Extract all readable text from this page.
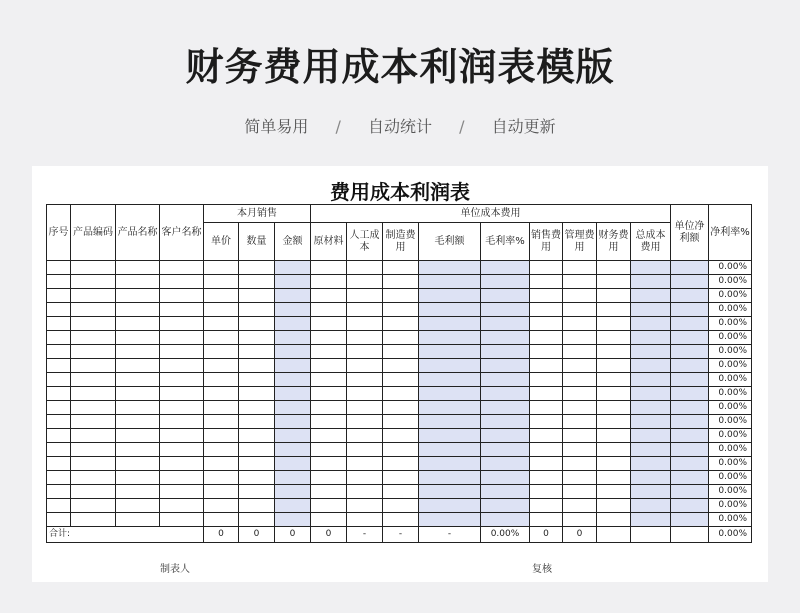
财务费用成本利润表模版
简单易用 / 自动统计 / 自动更新
费用成本利润表
序号	产品编码	产品名称	客户名称	本月销售			单位成本费用									单位净利额	净利率%
				单价	数量	金额	原材料	人工成本	制造费用	毛利额	毛利率%	销售费用	管理费用	财务费用	总成本费用		
																	0.00%
																	0.00%
																	0.00%
																	0.00%
																	0.00%
																	0.00%
																	0.00%
																	0.00%
																	0.00%
																	0.00%
																	0.00%
																	0.00%
																	0.00%
																	0.00%
																	0.00%
																	0.00%
																	0.00%
																	0.00%
																	0.00%
合计:				0	0	0	0	-	-	-	0.00%	0	0				0.00%
制表人	复核
